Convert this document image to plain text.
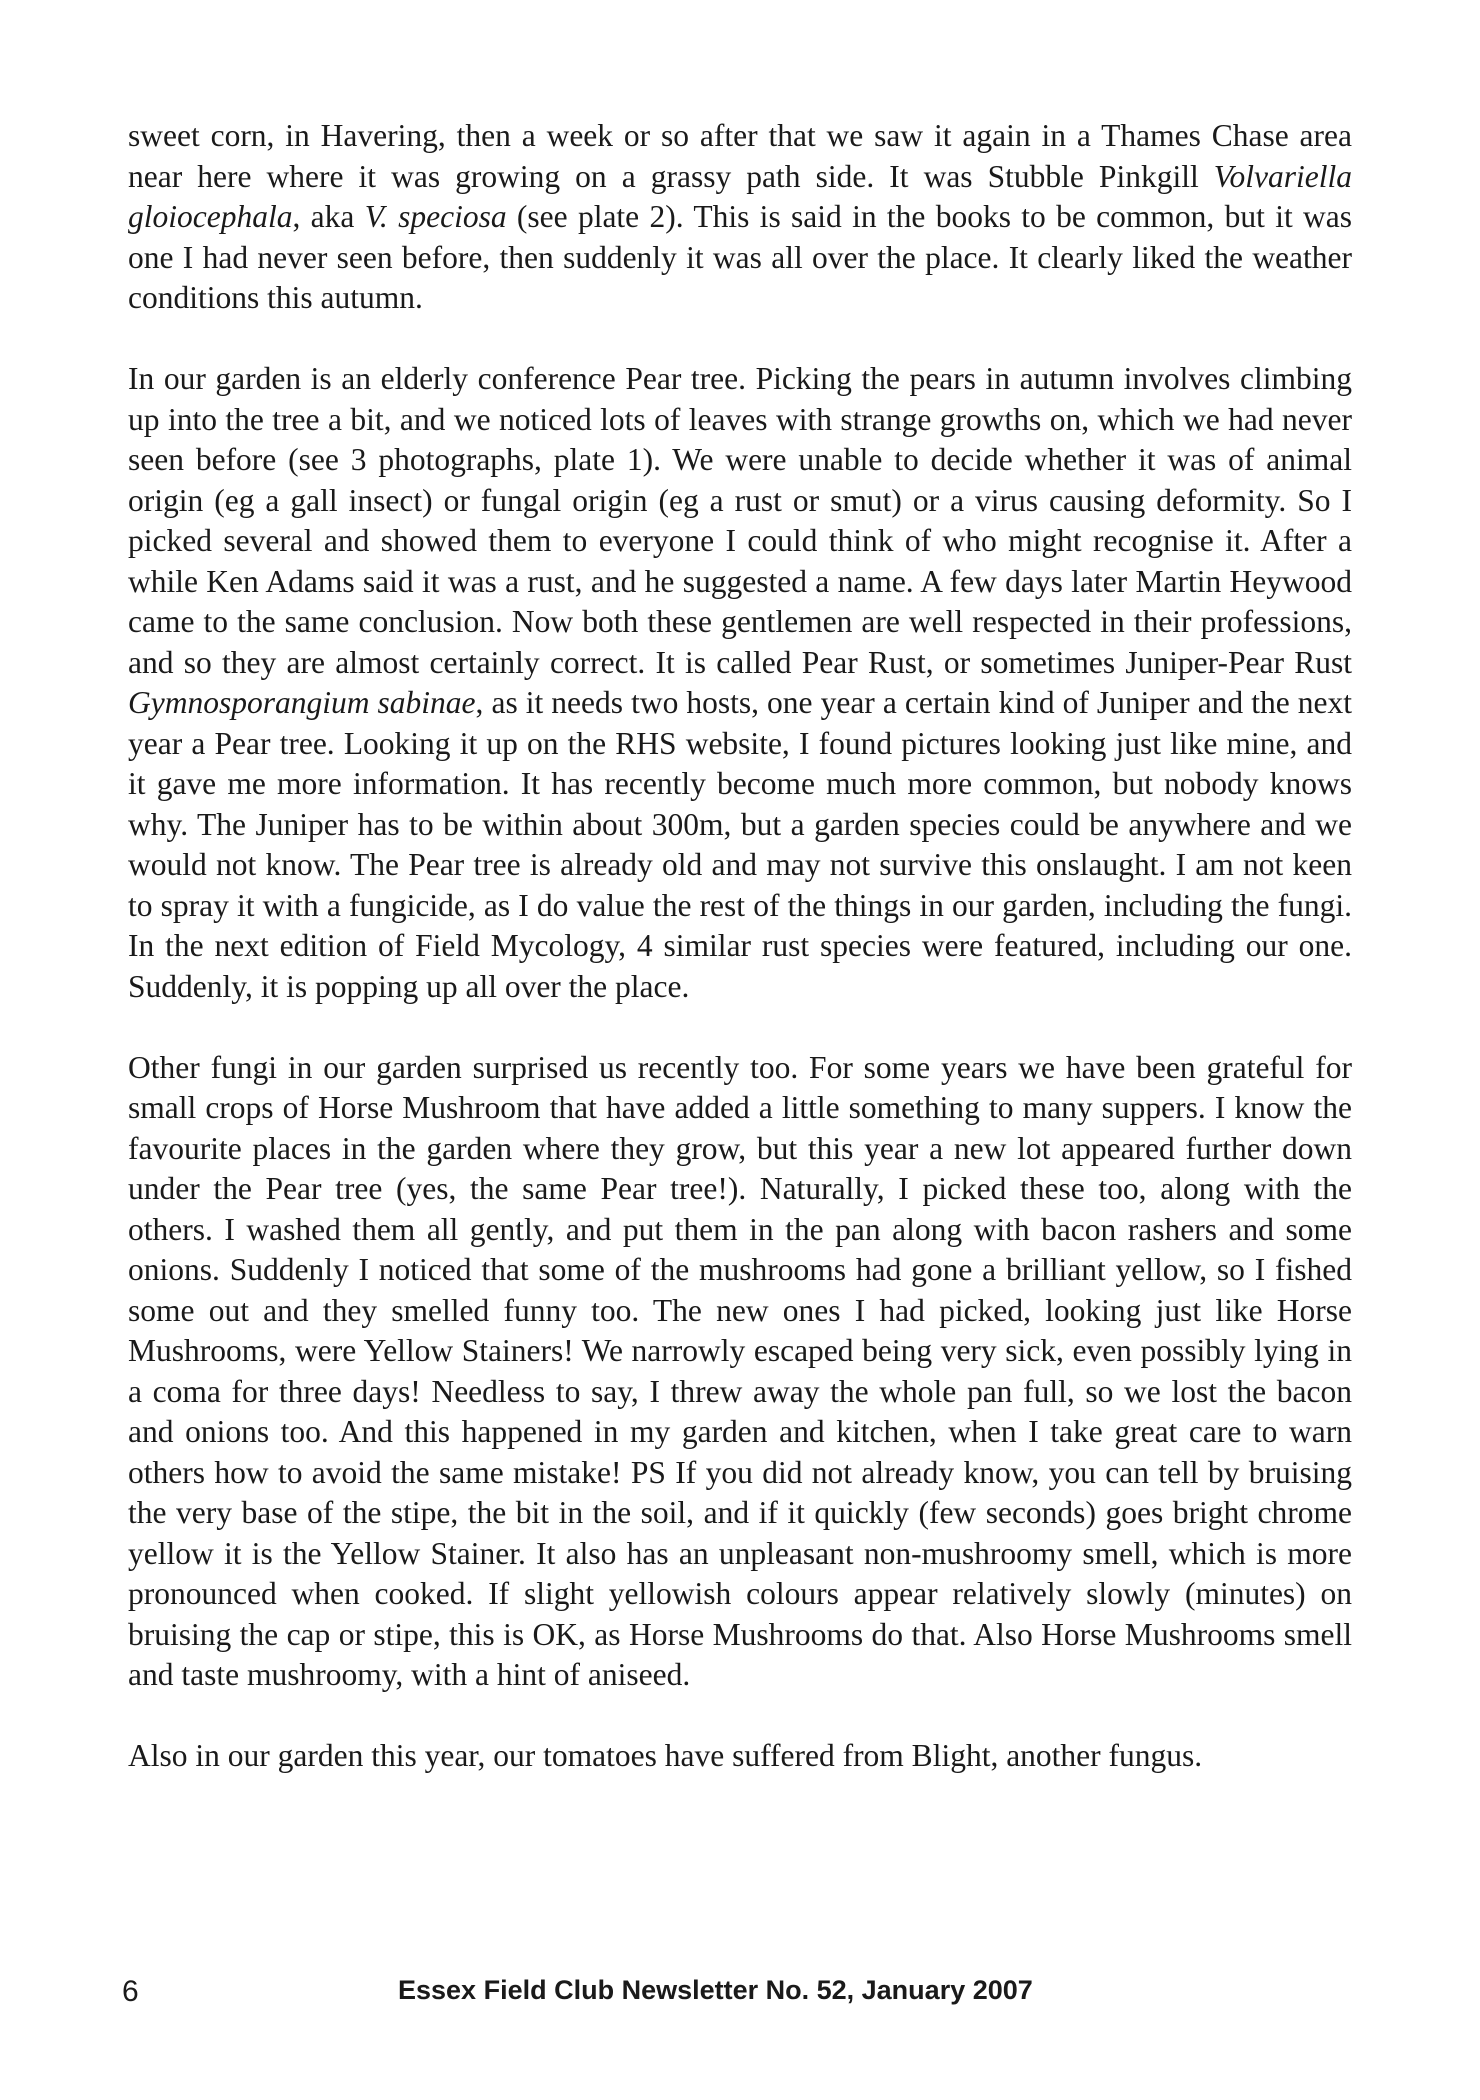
sweet corn, in Havering, then a week or so after that we saw it again in a Thames Chase area near here where it was growing on a grassy path side. It was Stubble Pinkgill Volvariella gloiocephala, aka V. speciosa (see plate 2). This is said in the books to be common, but it was one I had never seen before, then suddenly it was all over the place. It clearly liked the weather conditions this autumn.

In our garden is an elderly conference Pear tree. Picking the pears in autumn involves climbing up into the tree a bit, and we noticed lots of leaves with strange growths on, which we had never seen before (see 3 photographs, plate 1). We were unable to decide whether it was of animal origin (eg a gall insect) or fungal origin (eg a rust or smut) or a virus causing deformity. So I picked several and showed them to everyone I could think of who might recognise it. After a while Ken Adams said it was a rust, and he suggested a name. A few days later Martin Heywood came to the same conclusion. Now both these gentlemen are well respected in their professions, and so they are almost certainly correct. It is called Pear Rust, or sometimes Juniper-Pear Rust Gymnosporangium sabinae, as it needs two hosts, one year a certain kind of Juniper and the next year a Pear tree. Looking it up on the RHS website, I found pictures looking just like mine, and it gave me more information. It has recently become much more common, but nobody knows why. The Juniper has to be within about 300m, but a garden species could be anywhere and we would not know. The Pear tree is already old and may not survive this onslaught. I am not keen to spray it with a fungicide, as I do value the rest of the things in our garden, including the fungi. In the next edition of Field Mycology, 4 similar rust species were featured, including our one. Suddenly, it is popping up all over the place.

Other fungi in our garden surprised us recently too. For some years we have been grateful for small crops of Horse Mushroom that have added a little something to many suppers. I know the favourite places in the garden where they grow, but this year a new lot appeared further down under the Pear tree (yes, the same Pear tree!). Naturally, I picked these too, along with the others. I washed them all gently, and put them in the pan along with bacon rashers and some onions. Suddenly I noticed that some of the mushrooms had gone a brilliant yellow, so I fished some out and they smelled funny too. The new ones I had picked, looking just like Horse Mushrooms, were Yellow Stainers! We narrowly escaped being very sick, even possibly lying in a coma for three days! Needless to say, I threw away the whole pan full, so we lost the bacon and onions too. And this happened in my garden and kitchen, when I take great care to warn others how to avoid the same mistake! PS If you did not already know, you can tell by bruising the very base of the stipe, the bit in the soil, and if it quickly (few seconds) goes bright chrome yellow it is the Yellow Stainer. It also has an unpleasant non-mushroomy smell, which is more pronounced when cooked. If slight yellowish colours appear relatively slowly (minutes) on bruising the cap or stipe, this is OK, as Horse Mushrooms do that. Also Horse Mushrooms smell and taste mushroomy, with a hint of aniseed.

Also in our garden this year, our tomatoes have suffered from Blight, another fungus.

6	Essex Field Club Newsletter No. 52, January 2007
